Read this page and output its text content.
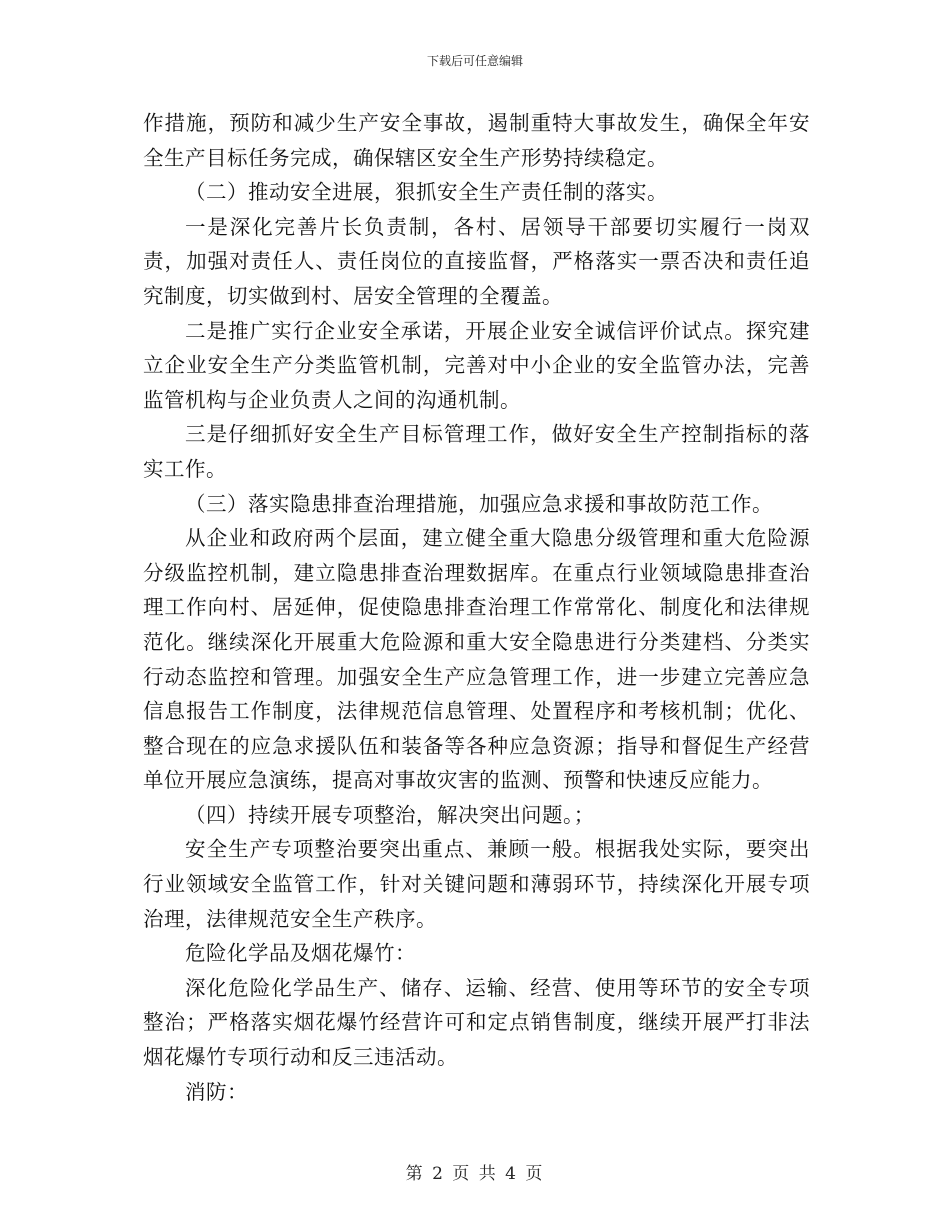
下载后可任意编辑

作措施，预防和减少生产安全事故，遏制重特大事故发生，确保全年安全生产目标任务完成，确保辖区安全生产形势持续稳定。

（二）推动安全进展，狠抓安全生产责任制的落实。

一是深化完善片长负责制，各村、居领导干部要切实履行一岗双责，加强对责任人、责任岗位的直接监督，严格落实一票否决和责任追究制度，切实做到村、居安全管理的全覆盖。

二是推广实行企业安全承诺，开展企业安全诚信评价试点。探究建立企业安全生产分类监管机制，完善对中小企业的安全监管办法，完善监管机构与企业负责人之间的沟通机制。

三是仔细抓好安全生产目标管理工作，做好安全生产控制指标的落实工作。

（三）落实隐患排查治理措施，加强应急求援和事故防范工作。

从企业和政府两个层面，建立健全重大隐患分级管理和重大危险源分级监控机制，建立隐患排查治理数据库。在重点行业领域隐患排查治理工作向村、居延伸，促使隐患排查治理工作常常化、制度化和法律规范化。继续深化开展重大危险源和重大安全隐患进行分类建档、分类实行动态监控和管理。加强安全生产应急管理工作，进一步建立完善应急信息报告工作制度，法律规范信息管理、处置程序和考核机制；优化、整合现在的应急求援队伍和装备等各种应急资源；指导和督促生产经营单位开展应急演练，提高对事故灾害的监测、预警和快速反应能力。

（四）持续开展专项整治，解决突出问题。；

安全生产专项整治要突出重点、兼顾一般。根据我处实际，要突出行业领域安全监管工作，针对关键问题和薄弱环节，持续深化开展专项治理，法律规范安全生产秩序。

危险化学品及烟花爆竹：

深化危险化学品生产、储存、运输、经营、使用等环节的安全专项整治；严格落实烟花爆竹经营许可和定点销售制度，继续开展严打非法烟花爆竹专项行动和反三违活动。

消防：

第 2 页 共 4 页
